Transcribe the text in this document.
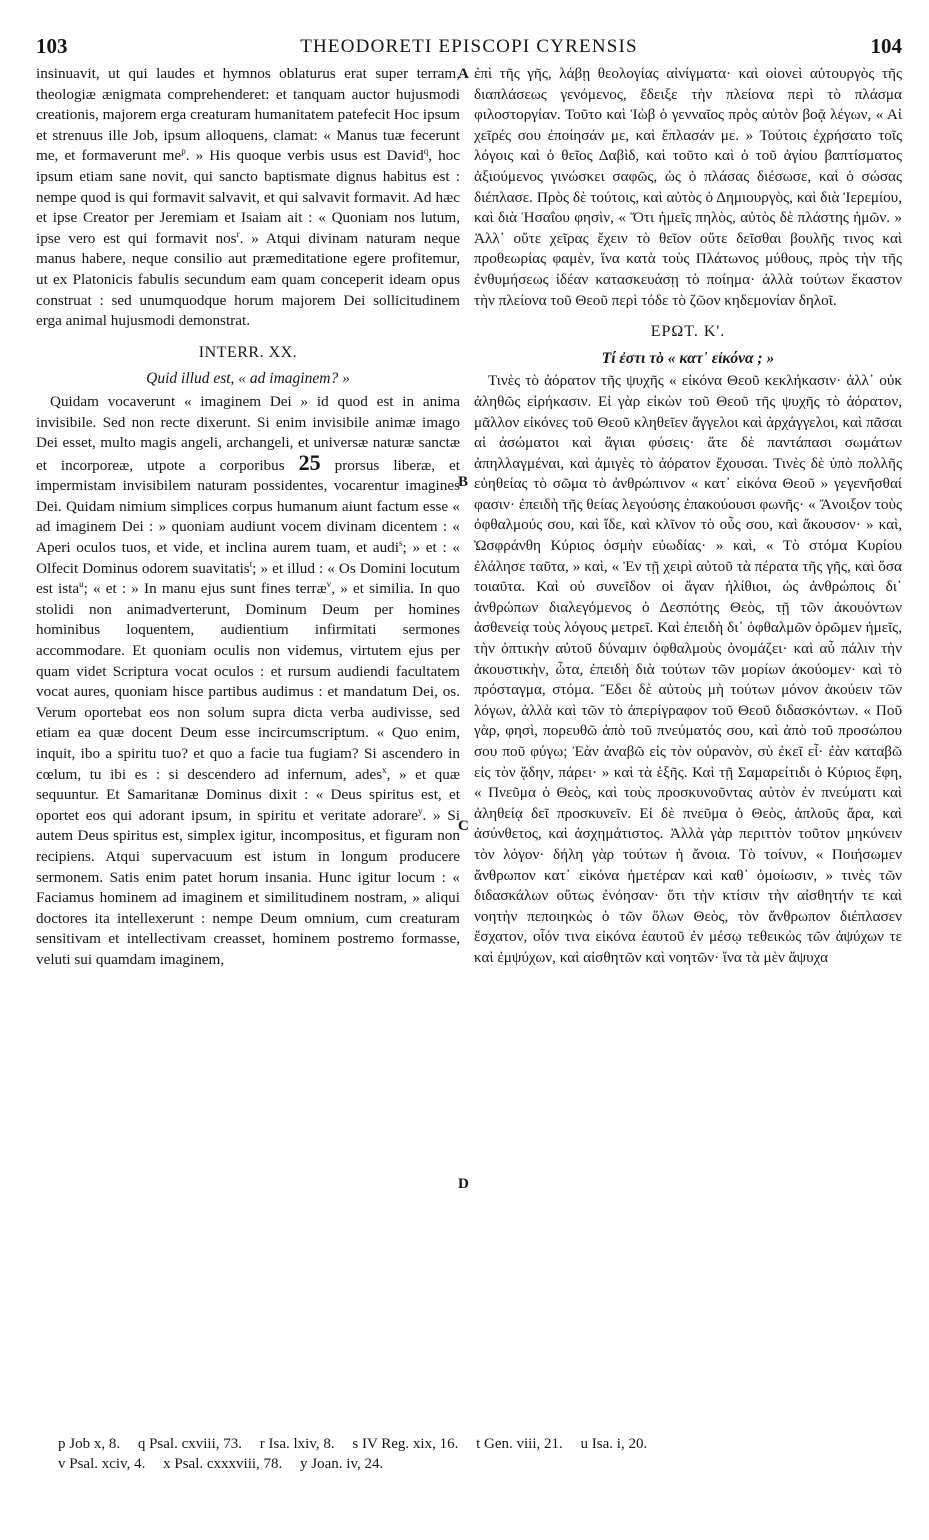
103	THEODORETI EPISCOPI CYRENSIS	104
A
B
C
D

insinuavit, ut qui laudes et hymnos oblaturus erat super terram, theologiæ ænigmata comprehenderet: et tanquam auctor hujusmodi creationis, majorem erga creaturam humanitatem patefecit Hoc ipsum et strenuus ille Job, ipsum alloquens, clamat: « Manus tuæ fecerunt me, et formaverunt me$^p$. » His quoque verbis usus est David$^q$, hoc ipsum etiam sane novit, qui sancto baptismate dignus habitus est : nempe quod is qui formavit salvavit, et qui salvavit formavit. Ad hæc et ipse Creator per Jeremiam et Isaiam ait : « Quoniam nos lutum, ipse vero est qui formavit nos$^r$. » Atqui divinam naturam neque manus habere, neque consilio aut præmeditatione egere profitemur, ut ex Platonicis fabulis secundum eam quam conceperit ideam opus construat : sed unumquodque horum majorem Dei sollicitudinem erga animal hujusmodi demonstrat.

INTERR. XX.
Quid illud est, « ad imaginem? »

Quidam vocaverunt « imaginem Dei » id quod est in anima invisibile. Sed non recte dixerunt. Si enim invisibile animæ imago Dei esset, multo magis angeli, archangeli, et universæ naturæ sanctæ et incorporeæ, utpote a corporibus 25 prorsus liberæ, et impermistam invisibilem naturam possidentes, vocarentur imagines Dei. Quidam nimium simplices corpus humanum aiunt factum esse « ad imaginem Dei : » quoniam audiunt vocem divinam dicentem : « Aperi oculos tuos, et vide, et inclina aurem tuam, et audi$^s$; » et : « Olfecit Dominus odorem suavitatis$^t$; » et illud : « Os Domini locutum est ista$^u$; « et : » In manu ejus sunt fines terræ$^v$, » et similia. In quo stolidi non animadverterunt, Dominum Deum per homines hominibus loquentem, audientium infirmitati sermones accommodare. Et quoniam oculis non videmus, virtutem ejus per quam videt Scriptura vocat oculos : et rursum audiendi facultatem vocat aures, quoniam hisce partibus audimus : et mandatum Dei, os. Verum oportebat eos non solum supra dicta verba audivisse, sed etiam ea quæ docent Deum esse incircumscriptum. « Quo enim, inquit, ibo a spiritu tuo? et quo a facie tua fugiam? Si ascendero in cœlum, tu ibi es : si descendero ad infernum, ades$^x$, » et quæ sequuntur. Et Samaritanæ Dominus dixit : « Deus spiritus est, et oportet eos qui adorant ipsum, in spiritu et veritate adorare$^y$. » Si autem Deus spiritus est, simplex igitur, incompositus, et figuram non recipiens. Atqui supervacuum est istum in longum producere sermonem. Satis enim patet horum insania. Hunc igitur locum : « Faciamus hominem ad imaginem et similitudinem nostram, » aliqui doctores ita intellexerunt : nempe Deum omnium, cum creaturam sensitivam et intellectivam creasset, hominem postremo formasse, veluti sui quamdam imaginem,

ἐπὶ τῆς γῆς, λάβῃ θεολογίας αἰνίγματα· καὶ οἱονεὶ αὐτουργὸς τῆς διαπλάσεως γενόμενος, ἔδειξε τὴν πλείονα περὶ τὸ πλάσμα φιλοστοργίαν. Τοῦτο καὶ Ἰὼβ ὁ γενναῖος πρὸς αὐτὸν βοᾷ λέγων, « Αἱ χεῖρές σου ἐποίησάν με, καὶ ἔπλασάν με. » Τούτοις ἐχρήσατο τοῖς λόγοις καὶ ὁ θεῖος Δαβὶδ, καὶ τοῦτο καὶ ὁ τοῦ ἁγίου βαπτίσματος ἀξιούμενος γινώσκει σαφῶς, ὡς ὁ πλάσας διέσωσε, καὶ ὁ σώσας διέπλασε. Πρὸς δὲ τούτοις, καὶ αὐτὸς ὁ Δημιουργὸς, καὶ διὰ Ἱερεμίου, καὶ διὰ Ἡσαΐου φησὶν, « Ὅτι ἡμεῖς πηλὸς, αὐτὸς δὲ πλάστης ἡμῶν. » Ἀλλ᾽ οὔτε χεῖρας ἔχειν τὸ θεῖον οὔτε δεῖσθαι βουλῆς τινος καὶ προθεωρίας φαμὲν, ἵνα κατὰ τοὺς Πλάτωνος μύθους, πρὸς τὴν τῆς ἐνθυμήσεως ἰδέαν κατασκευάσῃ τὸ ποίημα· ἀλλὰ τούτων ἕκαστον τὴν πλείονα τοῦ Θεοῦ περὶ τόδε τὸ ζῶον κηδεμονίαν δηλοῖ.

ΕΡΩΤ. Κ'.
Τί ἐστι τὸ « κατ᾽ εἰκόνα ; »

Τινὲς τὸ ἀόρατον τῆς ψυχῆς « εἰκόνα Θεοῦ κεκλήκασιν· ἀλλ᾽ οὐκ ἀληθῶς εἰρήκασιν. Εἰ γὰρ εἰκὼν τοῦ Θεοῦ τῆς ψυχῆς τὸ ἀόρατον, μᾶλλον εἰκόνες τοῦ Θεοῦ κληθεῖεν ἄγγελοι καὶ ἀρχάγγελοι, καὶ πᾶσαι αἱ ἀσώματοι καὶ ἅγιαι φύσεις· ἅτε δὲ παντάπασι σωμάτων ἀπηλλαγμέναι, καὶ ἀμιγὲς τὸ ἀόρατον ἔχουσαι. Τινὲς δὲ ὑπὸ πολλῆς εὐηθείας τὸ σῶμα τὸ ἀνθρώπινον « κατ᾽ εἰκόνα Θεοῦ » γεγενῆσθαί φασιν· ἐπειδὴ τῆς θείας λεγούσης ἐπακούουσι φωνῆς· « Ἄνοιξον τοὺς ὀφθαλμούς σου, καὶ ἴδε, καὶ κλῖνον τὸ οὖς σου, καὶ ἄκουσον· » καὶ, Ὠσφράνθη Κύριος ὀσμὴν εὐωδίας· » καὶ, « Τὸ στόμα Κυρίου ἐλάλησε ταῦτα, » καὶ, « Ἐν τῇ χειρὶ αὐτοῦ τὰ πέρατα τῆς γῆς, καὶ ὅσα τοιαῦτα. Καὶ οὐ συνεῖδον οἱ ἄγαν ἠλίθιοι, ὡς ἀνθρώποις δι᾽ ἀνθρώπων διαλεγόμενος ὁ Δεσπότης Θεὸς, τῇ τῶν ἀκουόντων ἀσθενείᾳ τοὺς λόγους μετρεῖ. Καὶ ἐπειδὴ δι᾽ ὀφθαλμῶν ὁρῶμεν ἡμεῖς, τὴν ὀπτικὴν αὐτοῦ δύναμιν ὀφθαλμοὺς ὀνομάζει· καὶ αὖ πάλιν τὴν ἀκουστικὴν, ὦτα, ἐπειδὴ διὰ τούτων τῶν μορίων ἀκούομεν· καὶ τὸ πρόσταγμα, στόμα. Ἔδει δὲ αὐτοὺς μὴ τούτων μόνον ἀκούειν τῶν λόγων, ἀλλὰ καὶ τῶν τὸ ἀπερίγραφον τοῦ Θεοῦ διδασκόντων. « Ποῦ γὰρ, φησὶ, πορευθῶ ἀπὸ τοῦ πνεύματός σου, καὶ ἀπὸ τοῦ προσώπου σου ποῦ φύγω; Ἐὰν ἀναβῶ εἰς τὸν οὐρανὸν, σὺ ἐκεῖ εἶ· ἐὰν καταβῶ εἰς τὸν ᾅδην, πάρει· » καὶ τὰ ἑξῆς. Καὶ τῇ Σαμαρείτιδι ὁ Κύριος ἔφη, « Πνεῦμα ὁ Θεὸς, καὶ τοὺς προσκυνοῦντας αὐτὸν ἐν πνεύματι καὶ ἀληθείᾳ δεῖ προσκυνεῖν. Εἰ δὲ πνεῦμα ὁ Θεὸς, ἁπλοῦς ἄρα, καὶ ἀσύνθετος, καὶ ἀσχημάτιστος. Ἀλλὰ γὰρ περιττὸν τοῦτον μηκύνειν τὸν λόγον· δήλη γὰρ τούτων ἡ ἄνοια. Τὸ τοίνυν, « Ποιήσωμεν ἄνθρωπον κατ᾽ εἰκόνα ἡμετέραν καὶ καθ᾽ ὁμοίωσιν, » τινὲς τῶν διδασκάλων οὕτως ἐνόησαν· ὅτι τὴν κτίσιν τὴν αἰσθητήν τε καὶ νοητὴν πεποιηκὼς ὁ τῶν ὅλων Θεὸς, τὸν ἄνθρωπον διέπλασεν ἔσχατον, οἷόν τινα εἰκόνα ἑαυτοῦ ἐν μέσῳ τεθεικὼς τῶν ἀψύχων τε καὶ ἐμψύχων, καὶ αἰσθητῶν καὶ νοητῶν· ἵνα τὰ μὲν ἄψυχα

p Job x, 8. q Psal. cxviii, 73. r Isa. lxiv, 8. s IV Reg. xix, 16. t Gen. viii, 21. u Isa. i, 20.
v Psal. xciv, 4. x Psal. cxxxviii, 78. y Joan. iv, 24.
